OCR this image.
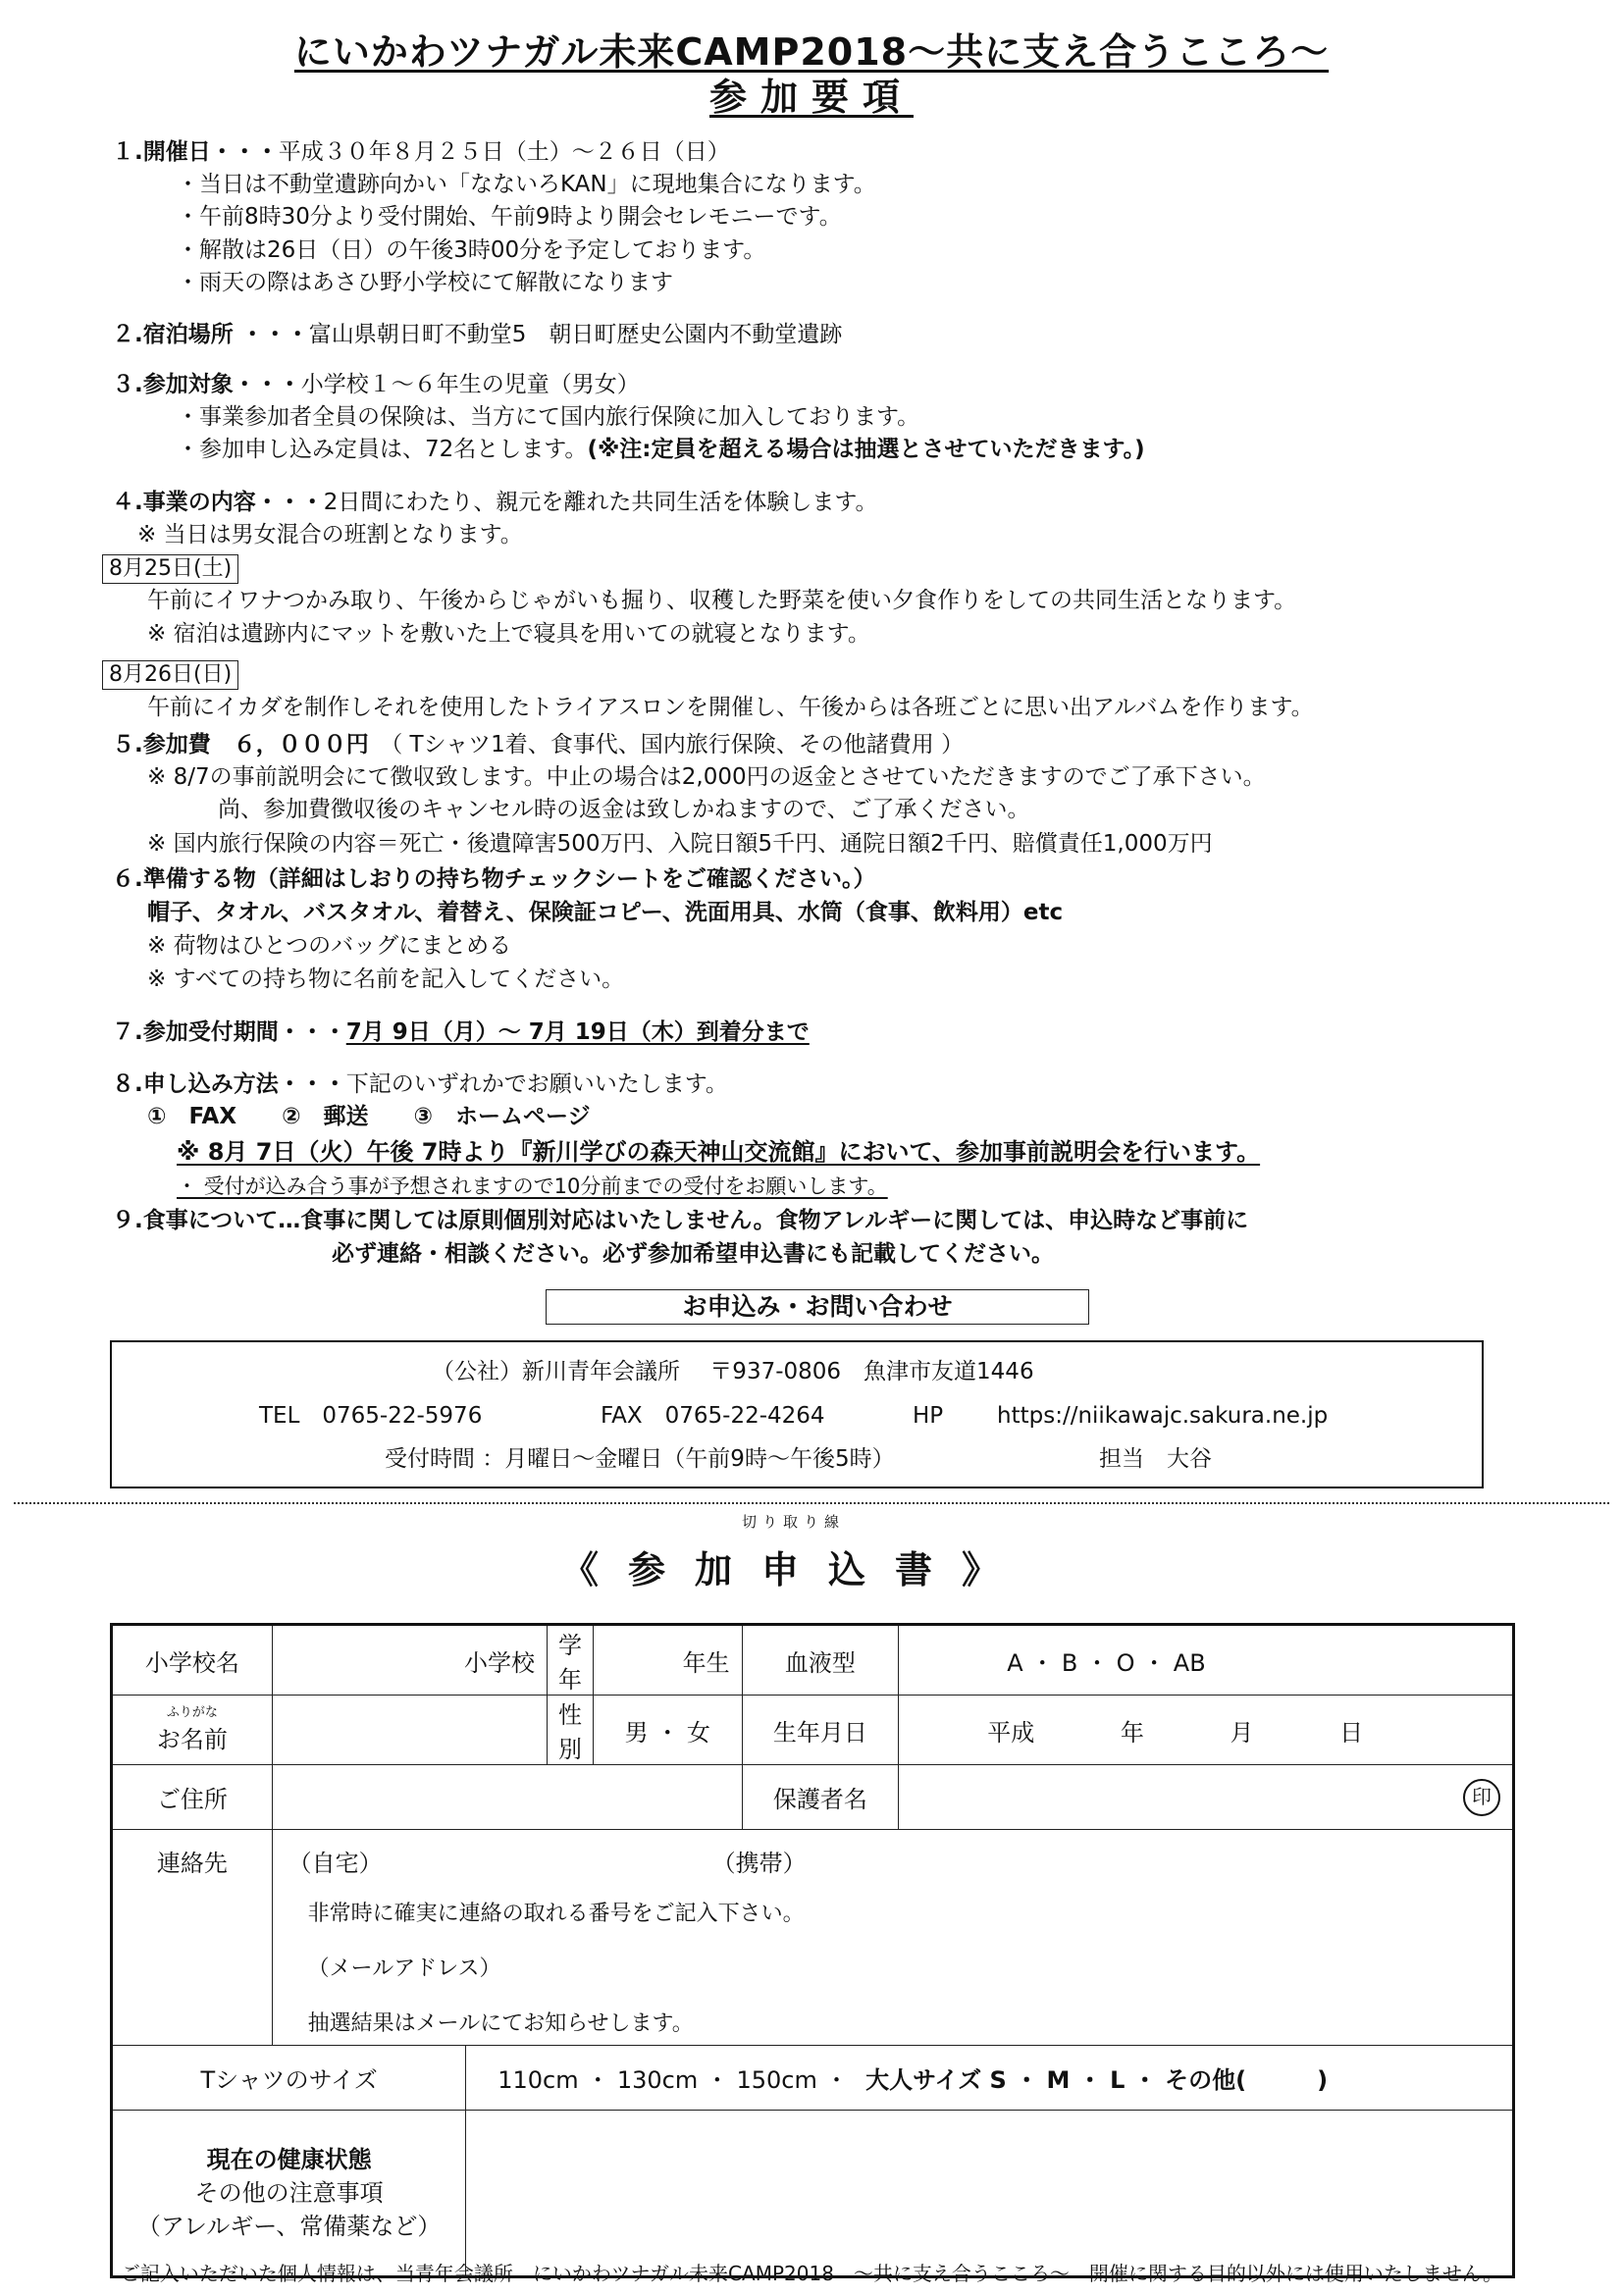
にいかわツナガル未来CAMP2018～共に支え合うこころ～
参加要項
１.開催日・・・平成３０年８月２５日（土）～２６日（日）
・当日は不動堂遺跡向かい「なないろKAN」に現地集合になります。
・午前8時30分より受付開始、午前9時より開会セレモニーです。
・解散は26日（日）の午後3時00分を予定しております。
・雨天の際はあさひ野小学校にて解散になります
２.宿泊場所 ・・・富山県朝日町不動堂5　朝日町歴史公園内不動堂遺跡
３.参加対象・・・小学校１～６年生の児童（男女）
・事業参加者全員の保険は、当方にて国内旅行保険に加入しております。
・参加申し込み定員は、72名とします。(※注:定員を超える場合は抽選とさせていただきます。)
４.事業の内容・・・2日間にわたり、親元を離れた共同生活を体験します。
※ 当日は男女混合の班割となります。
8月25日(土)
午前にイワナつかみ取り、午後からじゃがいも掘り、収穫した野菜を使い夕食作りをしての共同生活となります。
※ 宿泊は遺跡内にマットを敷いた上で寝具を用いての就寝となります。
8月26日(日)
午前にイカダを制作しそれを使用したトライアスロンを開催し、午後からは各班ごとに思い出アルバムを作ります。
５.参加費　６，０００円　 （ Tシャツ1着、食事代、国内旅行保険、その他諸費用 ）
※ 8/7の事前説明会にて徴収致します。中止の場合は2,000円の返金とさせていただきますのでご了承下さい。
尚、参加費徴収後のキャンセル時の返金は致しかねますので、ご了承ください。
※ 国内旅行保険の内容＝死亡・後遺障害500万円、入院日額5千円、通院日額2千円、賠償責任1,000万円
６.準備する物（詳細はしおりの持ち物チェックシートをご確認ください。）
帽子、タオル、バスタオル、着替え、保険証コピー、洗面用具、水筒（食事、飲料用）etc
※ 荷物はひとつのバッグにまとめる
※ すべての持ち物に名前を記入してください。
７.参加受付期間・・・7月 9日（月）～ 7月 19日（木）到着分まで
８.申し込み方法・・・下記のいずれかでお願いいたします。
①　FAX　　②　郵送　　③　ホームページ
※ 8月 7日（火）午後 7時より『新川学びの森天神山交流館』において、参加事前説明会を行います。
・ 受付が込み合う事が予想されますので10分前までの受付をお願いします。
９.食事について…食事に関しては原則個別対応はいたしません。食物アレルギーに関しては、申込時など事前に
必ず連絡・相談ください。必ず参加希望申込書にも記載してください。
お申込み・お問い合わせ
（公社）新川青年会議所　 〒937-0806　魚津市友道1446
TEL　0765-22-5976	FAX　0765-22-4264	HP https://niikawajc.sakura.ne.jp
受付時間 ：月曜日～金曜日（午前9時～午後5時）	担当　大谷
切り取り線
《参加申込書》
小学校名	小学校		学年	年生	血液型	A ・ B ・ O ・ AB

ふりがな
お名前			性別	男 ・ 女	生年月日	平成 年 月 日
ご住所					保護者名	印
連絡先	（自宅） （携帯）
非常時に確実に連絡の取れる番号をご記入下さい。
（メールアドレス）
抽選結果はメールにてお知らせします。					

Tシャツのサイズ		110cm ・ 130cm ・ 150cm ・ 大人サイズ S ・ M ・ L ・ その他(　　　)				

現在の健康状態
その他の注意事項
（アレルギー、常備薬など）						

ご記入いただいた個人情報は、当青年会議所　にいかわツナガル未来CAMP2018　～共に支え合うこころ～　開催に関する目的以外には使用いたしません。
